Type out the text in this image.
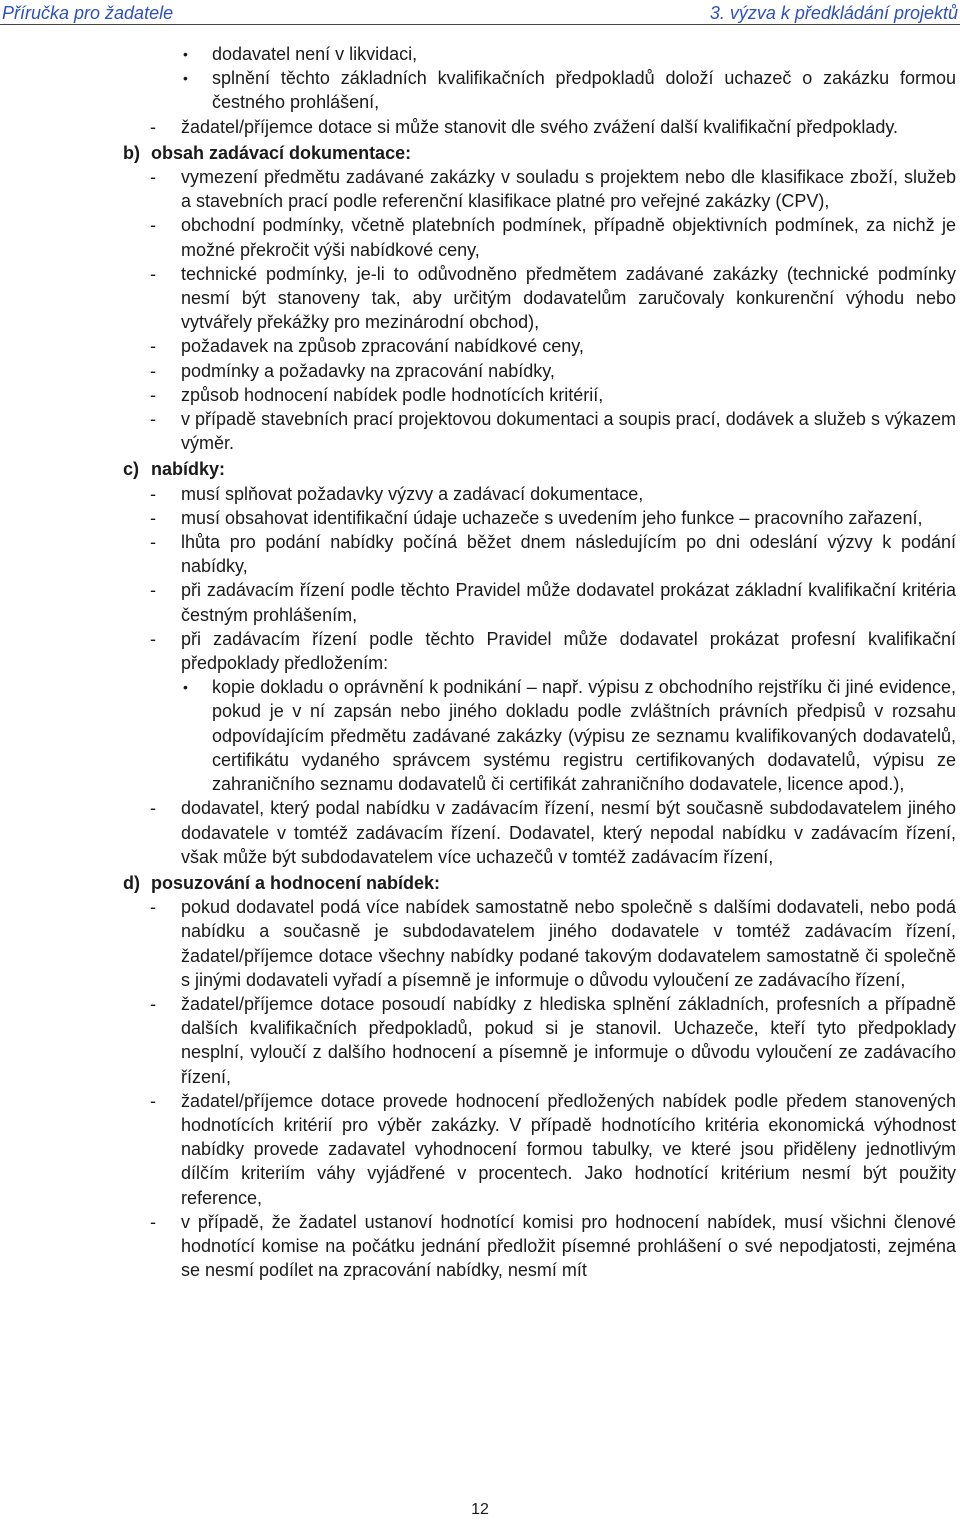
Příručka pro žadatele	3. výzva k předkládání projektů
• dodavatel není v likvidaci,
• splnění těchto základních kvalifikačních předpokladů doloží uchazeč o zakázku formou čestného prohlášení,
- žadatel/příjemce dotace si může stanovit dle svého zvážení další kvalifikační předpoklady.
b) obsah zadávací dokumentace:
- vymezení předmětu zadávané zakázky v souladu s projektem nebo dle klasifikace zboží, služeb a stavebních prací podle referenční klasifikace platné pro veřejné zakázky (CPV),
- obchodní podmínky, včetně platebních podmínek, případně objektivních podmínek, za nichž je možné překročit výši nabídkové ceny,
- technické podmínky, je-li to odůvodněno předmětem zadávané zakázky (technické podmínky nesmí být stanoveny tak, aby určitým dodavatelům zaručovaly konkurenční výhodu nebo vytvářely překážky pro mezinárodní obchod),
- požadavek na způsob zpracování nabídkové ceny,
- podmínky a požadavky na zpracování nabídky,
- způsob hodnocení nabídek podle hodnotících kritérií,
- v případě stavebních prací projektovou dokumentaci a soupis prací, dodávek a služeb s výkazem výměr.
c) nabídky:
- musí splňovat požadavky výzvy a zadávací dokumentace,
- musí obsahovat identifikační údaje uchazeče s uvedením jeho funkce – pracovního zařazení,
- lhůta pro podání nabídky počíná běžet dnem následujícím po dni odeslání výzvy k podání nabídky,
- při zadávacím řízení podle těchto Pravidel může dodavatel prokázat základní kvalifikační kritéria čestným prohlášením,
- při zadávacím řízení podle těchto Pravidel může dodavatel prokázat profesní kvalifikační předpoklady předložením:
• kopie dokladu o oprávnění k podnikání – např. výpisu z obchodního rejstříku či jiné evidence, pokud je v ní zapsán nebo jiného dokladu podle zvláštních právních předpisů v rozsahu odpovídajícím předmětu zadávané zakázky (výpisu ze seznamu kvalifikovaných dodavatelů, certifikátu vydaného správcem systému registru certifikovaných dodavatelů, výpisu ze zahraničního seznamu dodavatelů či certifikát zahraničního dodavatele, licence apod.),
- dodavatel, který podal nabídku v zadávacím řízení, nesmí být současně subdodavatelem jiného dodavatele v tomtéž zadávacím řízení. Dodavatel, který nepodal nabídku v zadávacím řízení, však může být subdodavatelem více uchazečů v tomtéž zadávacím řízení,
d) posuzování a hodnocení nabídek:
- pokud dodavatel podá více nabídek samostatně nebo společně s dalšími dodavateli, nebo podá nabídku a současně je subdodavatelem jiného dodavatele v tomtéž zadávacím řízení, žadatel/příjemce dotace všechny nabídky podané takovým dodavatelem samostatně či společně s jinými dodavateli vyřadí a písemně je informuje o důvodu vyloučení ze zadávacího řízení,
- žadatel/příjemce dotace posoudí nabídky z hlediska splnění základních, profesních a případně dalších kvalifikačních předpokladů, pokud si je stanovil. Uchazeče, kteří tyto předpoklady nesplní, vyloučí z dalšího hodnocení a písemně je informuje o důvodu vyloučení ze zadávacího řízení,
- žadatel/příjemce dotace provede hodnocení předložených nabídek podle předem stanovených hodnotících kritérií pro výběr zakázky. V případě hodnotícího kritéria ekonomická výhodnost nabídky provede zadavatel vyhodnocení formou tabulky, ve které jsou přiděleny jednotlivým dílčím kriteriím váhy vyjádřené v procentech. Jako hodnotící kritérium nesmí být použity reference,
- v případě, že žadatel ustanoví hodnotící komisi pro hodnocení nabídek, musí všichni členové hodnotící komise na počátku jednání předložit písemné prohlášení o své nepodjatosti, zejména se nesmí podílet na zpracování nabídky, nesmí mít
12
